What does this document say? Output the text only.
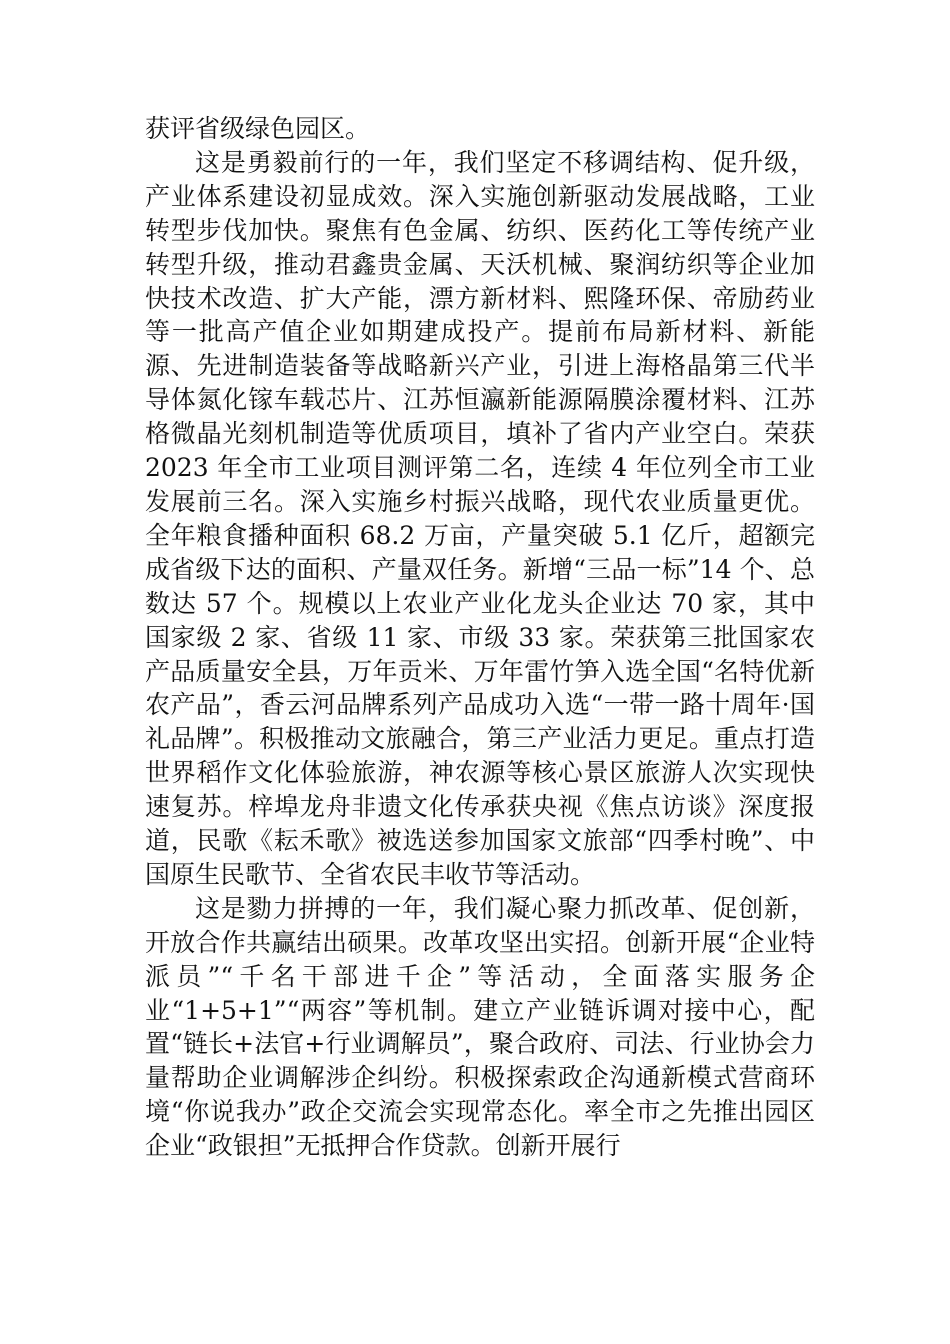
获评省级绿色园区。

这是勇毅前行的一年，我们坚定不移调结构、促升级，产业体系建设初显成效。深入实施创新驱动发展战略，工业转型步伐加快。聚焦有色金属、纺织、医药化工等传统产业转型升级，推动君鑫贵金属、天沃机械、聚润纺织等企业加快技术改造、扩大产能，漂方新材料、熙隆环保、帝励药业等一批高产值企业如期建成投产。提前布局新材料、新能源、先进制造装备等战略新兴产业，引进上海格晶第三代半导体氮化镓车载芯片、江苏恒瀛新能源隔膜涂覆材料、江苏格微晶光刻机制造等优质项目，填补了省内产业空白。荣获 2023 年全市工业项目测评第二名，连续 4 年位列全市工业发展前三名。深入实施乡村振兴战略，现代农业质量更优。全年粮食播种面积 68.2 万亩，产量突破 5.1 亿斤，超额完成省级下达的面积、产量双任务。新增“三品一标”14 个、总数达 57 个。规模以上农业产业化龙头企业达 70 家，其中国家级 2 家、省级 11 家、市级 33 家。荣获第三批国家农产品质量安全县，万年贡米、万年雷竹笋入选全国“名特优新农产品”，香云河品牌系列产品成功入选“一带一路十周年·国礼品牌”。积极推动文旅融合，第三产业活力更足。重点打造世界稻作文化体验旅游，神农源等核心景区旅游人次实现快速复苏。梓埠龙舟非遗文化传承获央视《焦点访谈》深度报道，民歌《耘禾歌》被选送参加国家文旅部“四季村晚”、中国原生民歌节、全省农民丰收节等活动。

这是勠力拼搏的一年，我们凝心聚力抓改革、促创新，开放合作共赢结出硕果。改革攻坚出实招。创新开展“企业特派员”“千名干部进千企”等活动，全面落实服务企业“1+5+1”“两容”等机制。建立产业链诉调对接中心，配置“链长+法官+行业调解员”，聚合政府、司法、行业协会力量帮助企业调解涉企纠纷。积极探索政企沟通新模式营商环境“你说我办”政企交流会实现常态化。率全市之先推出园区企业“政银担”无抵押合作贷款。创新开展行
